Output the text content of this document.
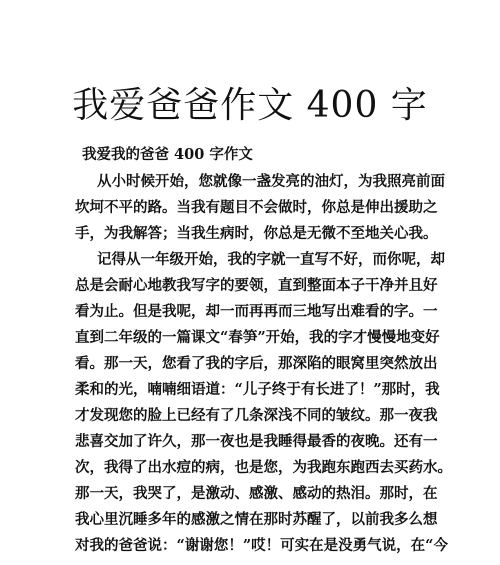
我爱爸爸作文 400 字
我爱我的爸爸 400 字作文
从小时候开始，您就像一盏发亮的油灯，为我照亮前面
坎坷不平的路。当我有题目不会做时，你总是伸出援助之
手，为我解答；当我生病时，你总是无微不至地关心我。
记得从一年级开始，我的字就一直写不好，而你呢，却
总是会耐心地教我写字的要领，直到整面本子干净并且好
看为止。但是我呢，却一而再再而三地写出难看的字。一
直到二年级的一篇课文“春笋”开始，我的字才慢慢地变好
看。那一天，您看了我的字后，那深陷的眼窝里突然放出
柔和的光，喃喃细语道：“儿子终于有长进了！”那时，我
才发现您的脸上已经有了几条深浅不同的皱纹。那一夜我
悲喜交加了许久，那一夜也是我睡得最香的夜晚。还有一
次，我得了出水痘的病，也是您，为我跑东跑西去买药水。
那一天，我哭了，是激动、感激、感动的热泪。那时，在
我心里沉睡多年的感激之情在那时苏醒了，以前我多么想
对我的爸爸说：“谢谢您！”哎！可实在是没勇气说，在“今
